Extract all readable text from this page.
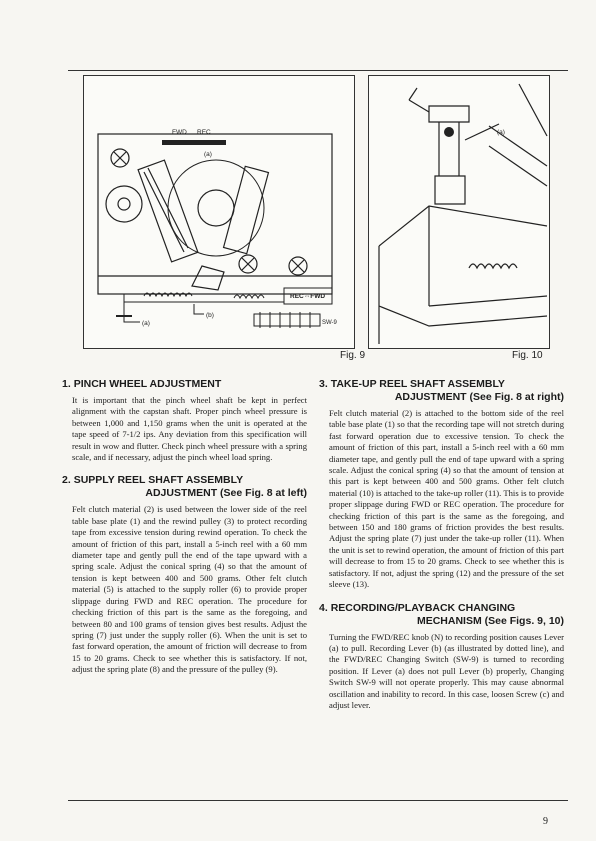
FWD REC
(a)
REC⇔FWD
SW-9
(b)
(a)
(a)
Fig. 9	Fig. 10
1. PINCH WHEEL ADJUSTMENT

It is important that the pinch wheel shaft be kept in perfect alignment with the capstan shaft. Proper pinch wheel pressure is between 1,000 and 1,150 grams when the unit is operated at the tape speed of 7-1/2 ips. Any deviation from this specification will result in wow and flutter. Check pinch wheel pressure with a spring scale, and if necessary, adjust the pinch wheel load spring.

2. SUPPLY REEL SHAFT ASSEMBLY
ADJUSTMENT (See Fig. 8 at left)

Felt clutch material (2) is used between the lower side of the reel table base plate (1) and the rewind pulley (3) to protect recording tape from excessive tension during rewind operation. To check the amount of friction of this part, install a 5-inch reel with a 60 mm diameter tape and gently pull the end of the tape upward with a spring scale. Adjust the conical spring (4) so that the amount of tension is kept between 400 and 500 grams. Other felt clutch material (5) is attached to the supply roller (6) to provide proper slippage during FWD and REC operation. The procedure for checking friction of this part is the same as the foregoing, and between 80 and 100 grams of tension gives best results. Adjust the spring (7) just under the supply roller (6). When the unit is set to fast forward operation, the amount of friction will decrease to from 15 to 20 grams. Check to see whether this is satisfactory. If not, adjust the spring plate (8) and the pressure of the pulley (9).

3. TAKE-UP REEL SHAFT ASSEMBLY
ADJUSTMENT (See Fig. 8 at right)

Felt clutch material (2) is attached to the bottom side of the reel table base plate (1) so that the recording tape will not stretch during fast forward operation due to excessive tension. To check the amount of friction of this part, install a 5-inch reel with a 60 mm diameter tape, and gently pull the end of tape upward with a spring scale. Adjust the conical spring (4) so that the amount of tension at this part is kept between 400 and 500 grams. Other felt clutch material (10) is attached to the take-up roller (11). This is to provide proper slippage during FWD or REC operation. The procedure for checking friction of this part is the same as the foregoing, and between 150 and 180 grams of friction provides the best results. Adjust the spring plate (7) just under the take-up roller (11). When the unit is set to rewind operation, the amount of friction of this part will decrease to from 15 to 20 grams. Check to see whether this is satisfactory. If not, adjust the spring (12) and the pressure of the set sleeve (13).

4. RECORDING/PLAYBACK CHANGING
MECHANISM (See Figs. 9, 10)

Turning the FWD/REC knob (N) to recording position causes Lever (a) to pull. Recording Lever (b) (as illustrated by dotted line), and the FWD/REC Changing Switch (SW-9) is turned to recording position. If Lever (a) does not pull Lever (b) properly, Changing Switch SW-9 will not operate properly. This may cause abnormal oscillation and inability to record. In this case, loosen Screw (c) and adjust lever.

9
